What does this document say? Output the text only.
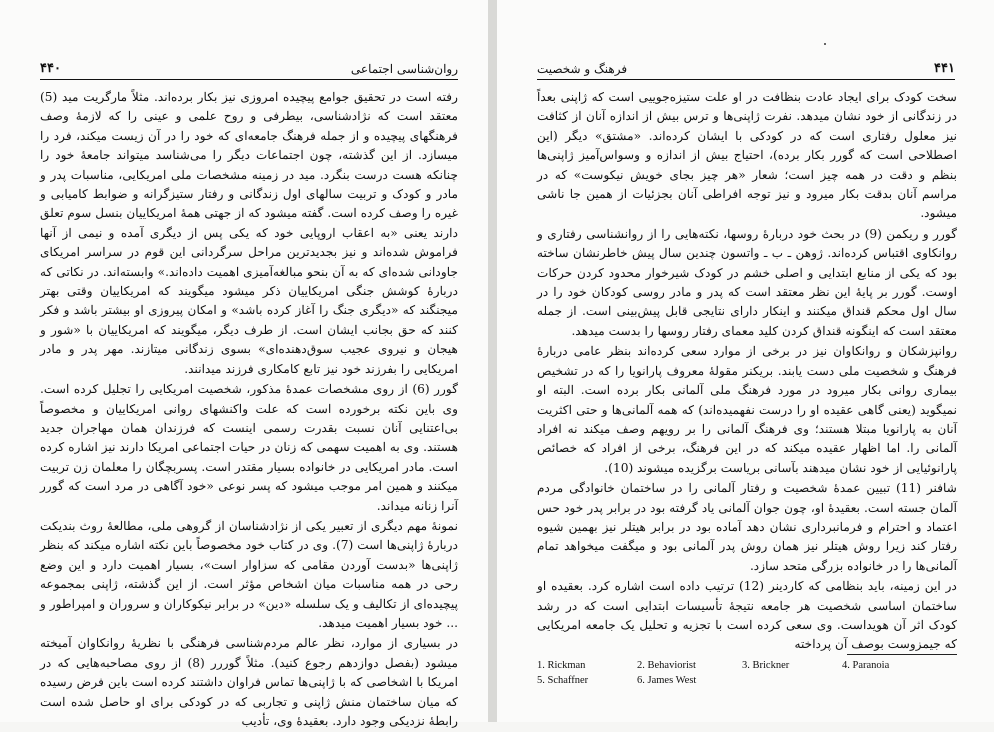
۴۴۰	روان‌شناسی اجتماعی

رفته است در تحقیق جوامع پیچیده امروزی نیز بکار برده‌اند. مثلاً مارگریت مید (5) معتقد است که نژادشناسی، بیطرفی و روح علمی و عینی را که لازمهٔ وصف فرهنگهای پیچیده و از جمله فرهنگ جامعه‌ای که خود را در آن زیست میکند، فرد را میسازد. از این گذشته، چون اجتماعات دیگر را می‌شناسد میتواند جامعهٔ خود را چنانکه هست درست بنگرد. مید در زمینه مشخصات ملی امریکایی، مناسبات پدر و مادر و کودک و تربیت سالهای اول زندگانی و رفتار ستیزگرانه و ضوابط کامیابی و غیره را وصف کرده است. گفته میشود که از جهتی همهٔ امریکاییان بنسل سوم تعلق دارند یعنی «به اعقاب اروپایی خود که یکی پس از دیگری آمده و نیمی از آنها فراموش شده‌اند و نیز بجدیدترین مراحل سرگردانی این قوم در سراسر امریکای جاودانی شده‌ای که به آن بنحو مبالغه‌آمیزی اهمیت داده‌اند.» وابسته‌اند. در نکاتی که دربارهٔ کوشش جنگی امریکاییان ذکر میشود میگویند که امریکاییان وقتی بهتر میجنگند که «دیگری جنگ را آغاز کرده باشد» و امکان پیروزی او بیشتر باشد و فکر کنند که حق بجانب ایشان است. از طرف دیگر، میگویند که امریکاییان با «شور و هیجان و نیروی عجیب سوق‌دهنده‌ای» بسوی زندگانی میتازند. مهر پدر و مادر امریکایی را بفرزند خود نیز تابع کامکاری فرزند میدانند.

گورر (6) از روی مشخصات عمدهٔ مذکور، شخصیت امریکایی را تجلیل کرده است. وی باین نکته برخورده است که علت واکنشهای روانی امریکاییان و مخصوصاً بی‌اعتنایی آنان نسبت بقدرت رسمی اینست که فرزندان همان مهاجران جدید هستند. وی به اهمیت سهمی که زنان در حیات اجتماعی امریکا دارند نیز اشاره کرده است. مادر امریکایی در خانواده بسیار مقتدر است. پسربچگان را معلمان زن تربیت میکنند و همین امر موجب میشود که پسر نوعی «خود آگاهی در مرد است که گورر آنرا زنانه میداند.

نمونهٔ مهم دیگری از تعبیر یکی از نژادشناسان از گروهی ملی، مطالعهٔ روث بندیکت دربارهٔ ژاپنی‌ها است (7). وی در کتاب خود مخصوصاً باین نکته اشاره میکند که بنظر ژاپنی‌ها «بدست آوردن مقامی که سزاوار است»، بسیار اهمیت دارد و این وضع رحی در همه مناسبات میان اشخاص مؤثر است. از این گذشته، ژاپنی بمجموعه پیچیده‌ای از تکالیف و یک سلسله «دین» در برابر نیکوکاران و سروران و امپراطور و ... خود بسیار اهمیت میدهد.

در بسیاری از موارد، نظر عالم مردم‌شناسی فرهنگی با نظریهٔ روانکاوان آمیخته میشود (بفصل دوازدهم رجوع کنید). مثلاً گوررر (8) از روی مصاحبه‌هایی که در امریکا با اشخاصی که با ژاپنی‌ها تماس فراوان داشتند کرده است باین فرض رسیده که میان ساختمان منش ژاپنی و تجاربی که در کودکی برای او حاصل شده است رابطهٔ نزدیکی وجود دارد. بعقیدهٔ وی، تأدیب

فرهنگ و شخصیت	۴۴۱

سخت کودک برای ایجاد عادت بنظافت در او علت ستیزه‌جوییی است که ژاپنی بعداً در زندگانی از خود نشان میدهد. نفرت ژاپنی‌ها و ترس بیش از اندازه آنان از کثافت نیز معلول رفتاری است که در کودکی با ایشان کرده‌اند. «مشتق» دیگر (این اصطلاحی است که گورر بکار برده)، احتیاج بیش از اندازه و وسواس‌آمیز ژاپنی‌ها بنظم و دقت در همه چیز است؛ شعار «هر چیز بجای خویش نیکوست» که در مراسم آنان بدقت بکار میرود و نیز توجه افراطی آنان بجزئیات از همین جا ناشی میشود.

گورر و ریکمن (9) در بحث خود دربارهٔ روسها، نکته‌هایی را از روانشناسی رفتاری و روانکاوی اقتباس کرده‌اند. ژوهن ـ ب ـ واتسون چندین سال پیش خاطرنشان ساخته بود که یکی از منابع ابتدایی و اصلی خشم در کودک شیرخوار محدود کردن حرکات اوست. گورر بر پایهٔ این نظر معتقد است که پدر و مادر روسی کودکان خود را در سال اول محکم قنداق میکنند و اینکار دارای نتایجی قابل پیش‌بینی است. از جمله معتقد است که اینگونه قنداق کردن کلید معمای رفتار روسها را بدست میدهد.

روانپزشکان و روانکاوان نیز در برخی از موارد سعی کرده‌اند بنظر عامی دربارهٔ فرهنگ و شخصیت ملی دست یابند. بریکنر مقولهٔ معروف پارانویا را که در تشخیص بیماری روانی بکار میرود در مورد فرهنگ ملی آلمانی بکار برده است. البته او نمیگوید (یعنی گاهی عقیده او را درست نفهمیده‌اند) که همه آلمانی‌ها و حتی اکثریت آنان به پارانویا مبتلا هستند؛ وی فرهنگ آلمانی را بر رویهم وصف میکند نه افراد آلمانی را. اما اظهار عقیده میکند که در این فرهنگ، برخی از افراد که خصائص پارانوئیایی از خود نشان میدهند بآسانی بریاست برگزیده میشوند (10).

شافنر (11) تبیین عمدهٔ شخصیت و رفتار آلمانی را در ساختمان خانوادگی مردم آلمان جسته است. بعقیدهٔ او، چون جوان آلمانی یاد گرفته بود در برابر پدر خود حس اعتماد و احترام و فرمانبرداری نشان دهد آماده بود در برابر هیتلر نیز بهمین شیوه رفتار کند زیرا روش هیتلر نیز همان روش پدر آلمانی بود و میگفت میخواهد تمام آلمانی‌ها را در خانواده بزرگی متحد سازد.

در این زمینه، باید بنظامی که کاردینر (12) ترتیب داده است اشاره کرد. بعقیده او ساختمان اساسی شخصیت هر جامعه نتیجهٔ تأسیسات ابتدایی است که در رشد کودک اثر آن هویداست. وی سعی کرده است با تجزیه و تحلیل یک جامعه امریکایی که جیمزوست بوصف آن پرداخته

1. Rickman	2. Behaviorist	3. Brickner	4. Paranoia
5. Schaffner	6. James West
